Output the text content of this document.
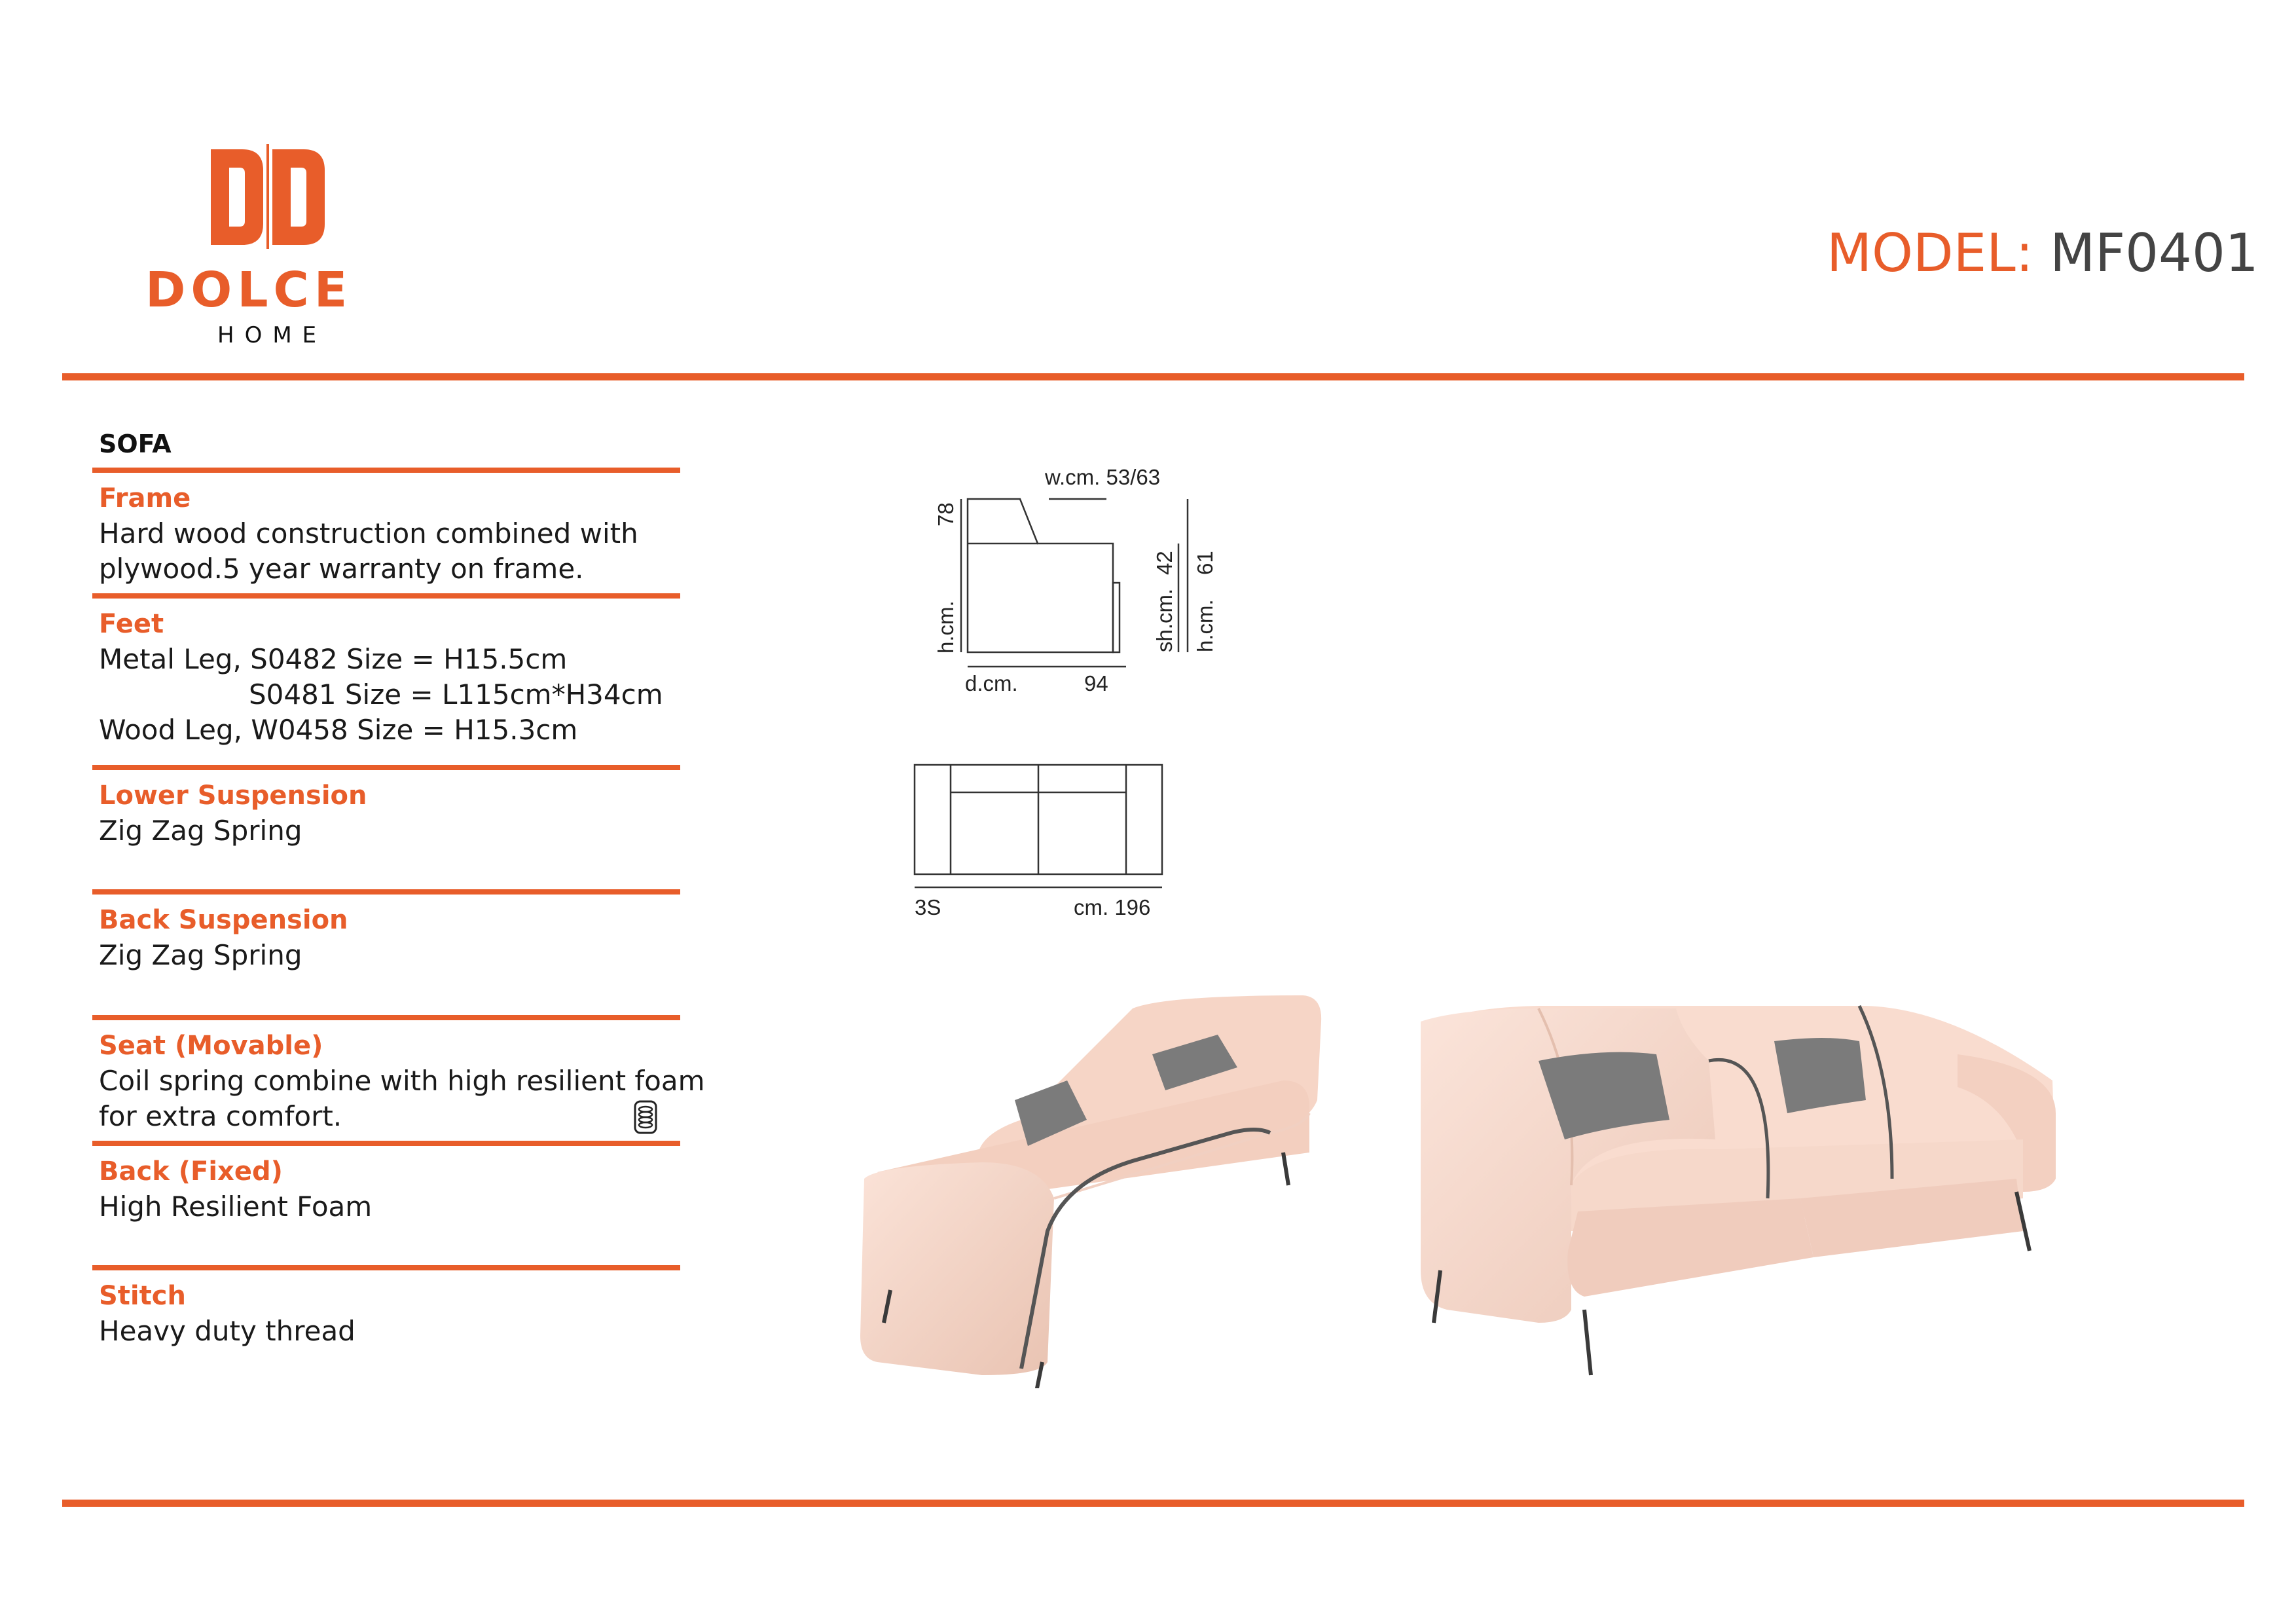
DOLCE
HOME
MODEL: MF0401
SOFA
Frame
Hard wood construction combined with
plywood.5 year warranty on frame.
Feet
Metal Leg, S0482 Size = H15.5cm
S0481 Size = L115cm*H34cm
Wood Leg, W0458 Size = H15.3cm
Lower Suspension
Zig Zag Spring
Back Suspension
Zig Zag Spring
Seat (Movable)
Coil spring combine with high resilient foam
for extra comfort.
Back (Fixed)
High Resilient Foam
Stitch
Heavy duty thread
w.cm. 53/63
78
h.cm.
42
sh.cm.
61
h.cm.
d.cm.	94
3S	cm. 196
